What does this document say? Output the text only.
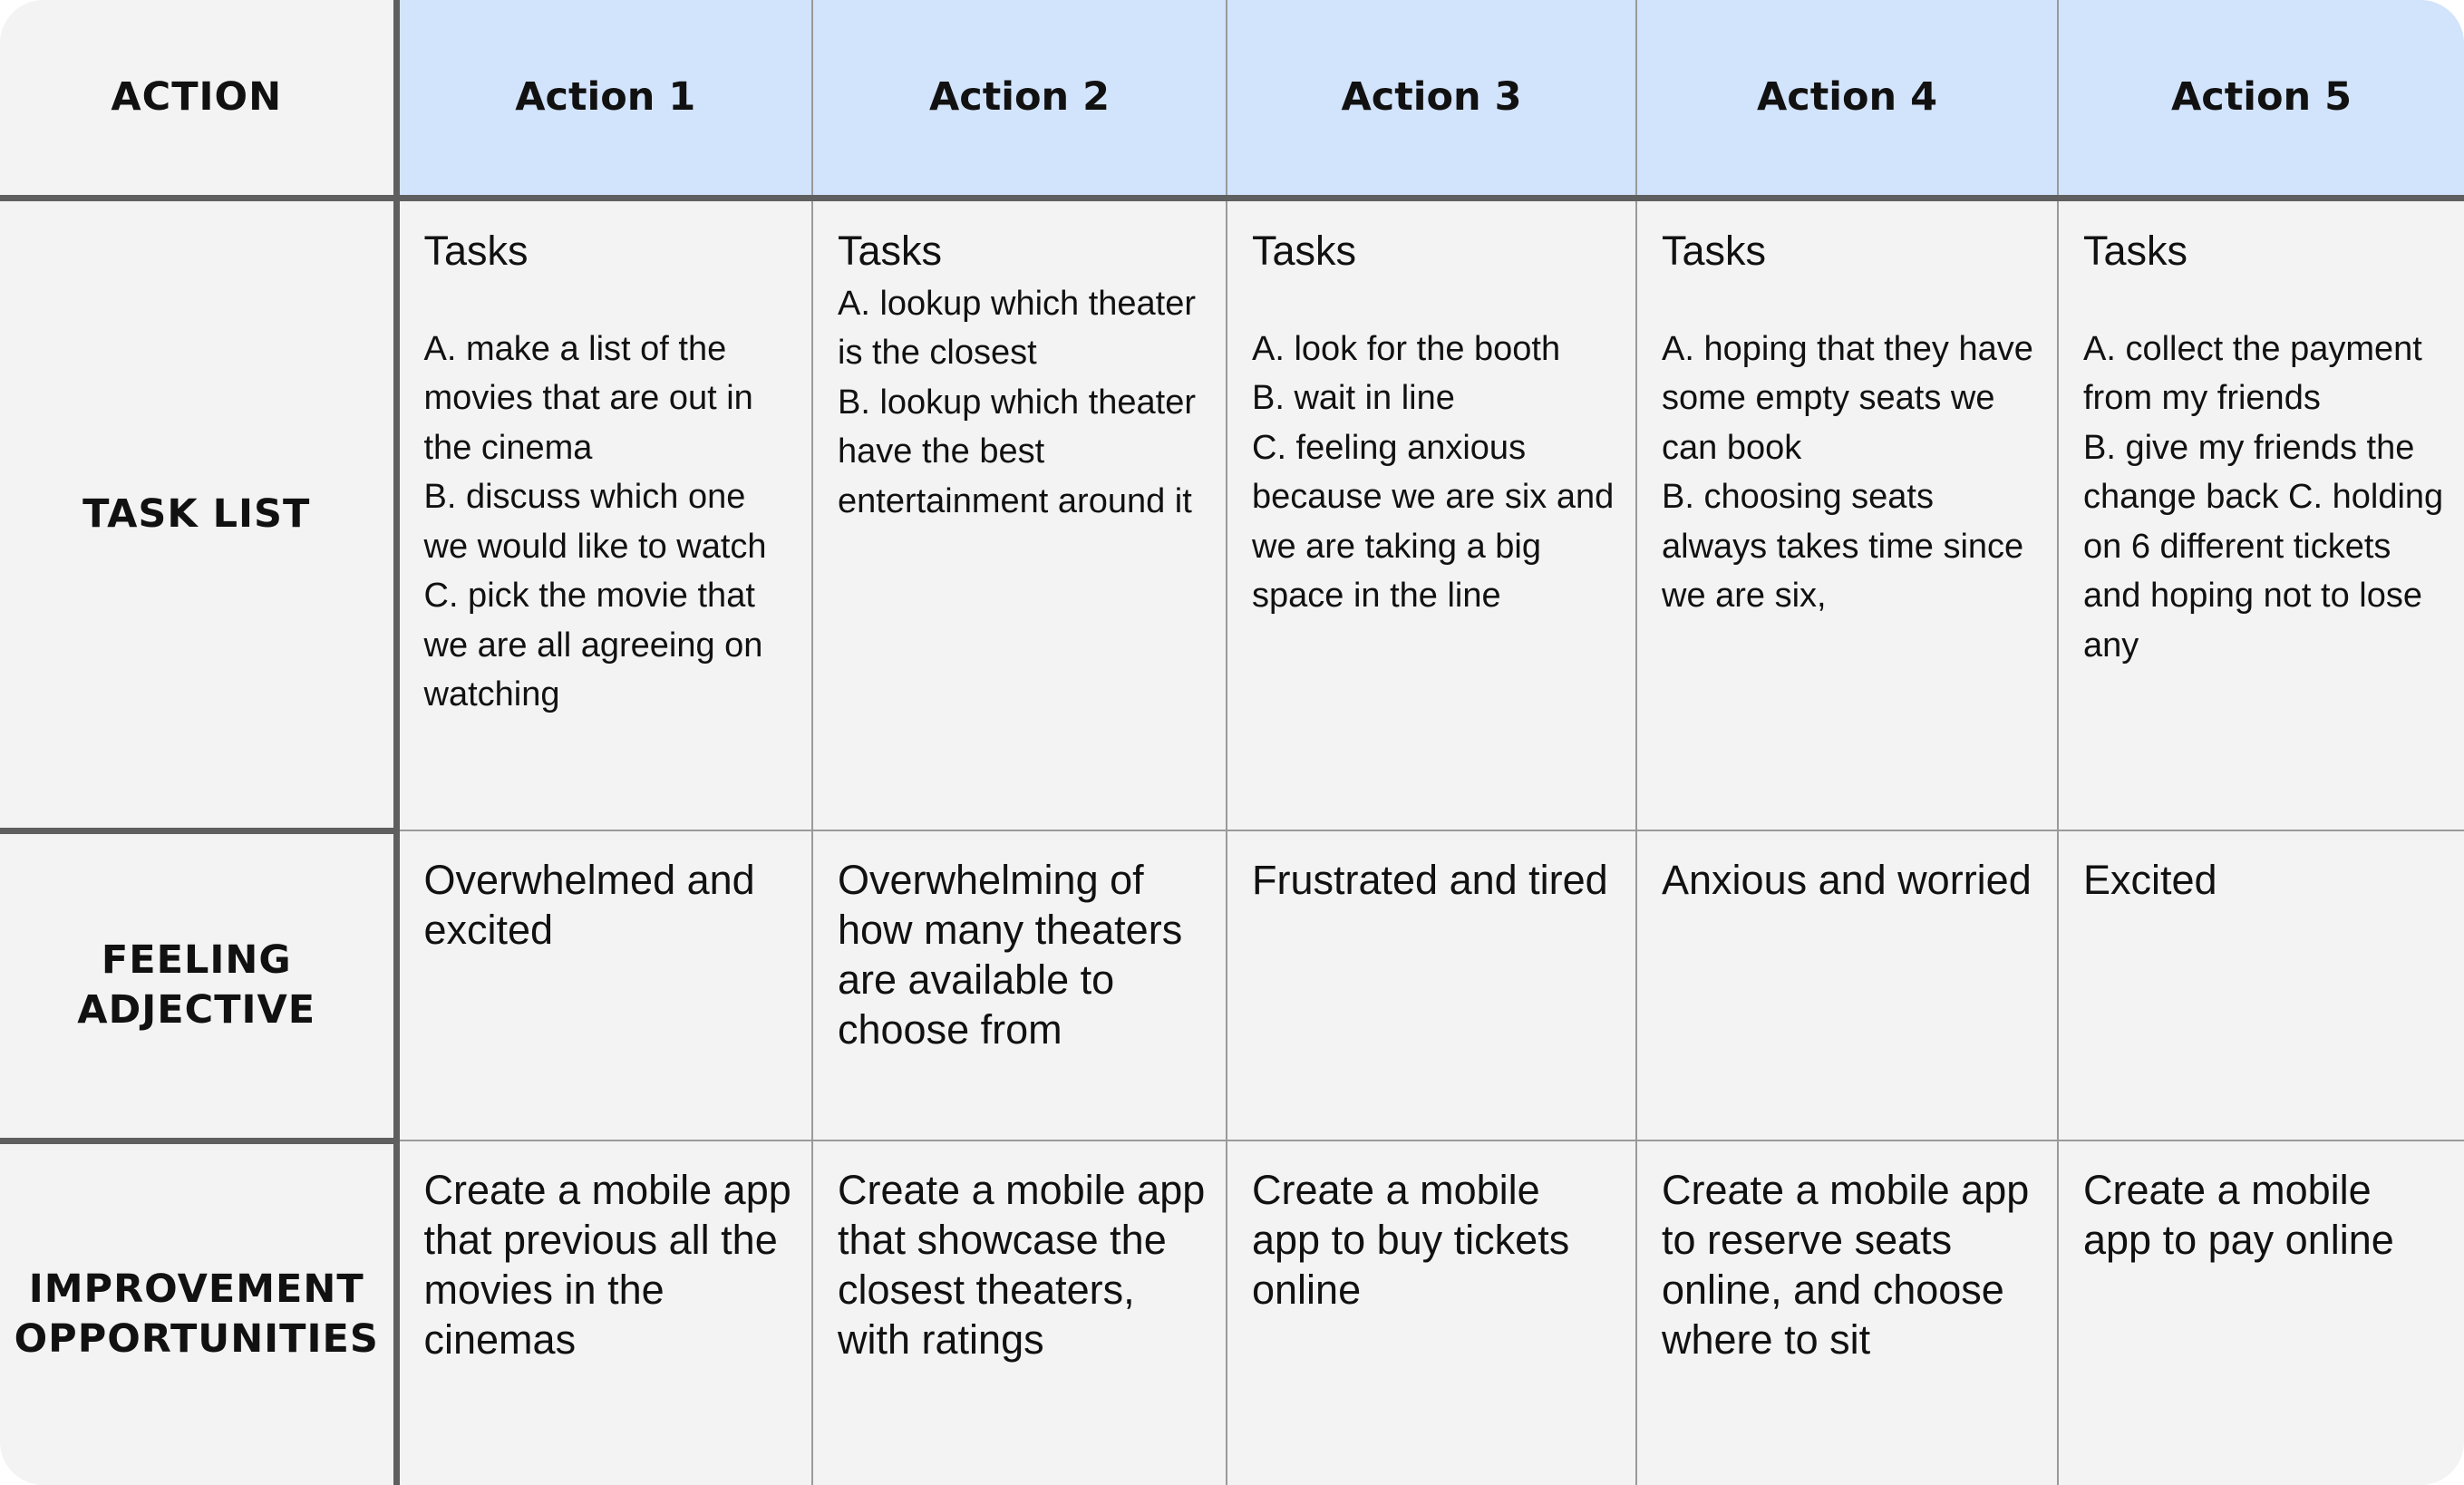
ACTION	Action 1	Action 2	Action 3	Action 4	Action 5
TASK LIST	Tasks
A. make a list of the movies that are out in the cinema
B. discuss which one we would like to watch
C. pick the movie that we are all agreeing on watching	Tasks
A. lookup which theater is the closest
B. lookup which theater have the best entertainment around it	Tasks
A. look for the booth
B. wait in line
C. feeling anxious because we are six and we are taking a big space in the line	Tasks
A. hoping that they have some empty seats we can book
B. choosing seats always takes time since we are six,	Tasks
A. collect the payment from my friends
B. give my friends the change back C. holding on 6 different tickets and hoping not to lose any

FEELING
ADJECTIVE	Overwhelmed and excited	Overwhelming of how many theaters are available to choose from	Frustrated and tired	Anxious and worried	Excited

IMPROVEMENT
OPPORTUNITIES	Create a mobile app that previous all the movies in the cinemas	Create a mobile app that showcase the closest theaters, with ratings	Create a mobile app to buy tickets online	Create a mobile app to reserve seats online, and choose where to sit	Create a mobile app to pay online
